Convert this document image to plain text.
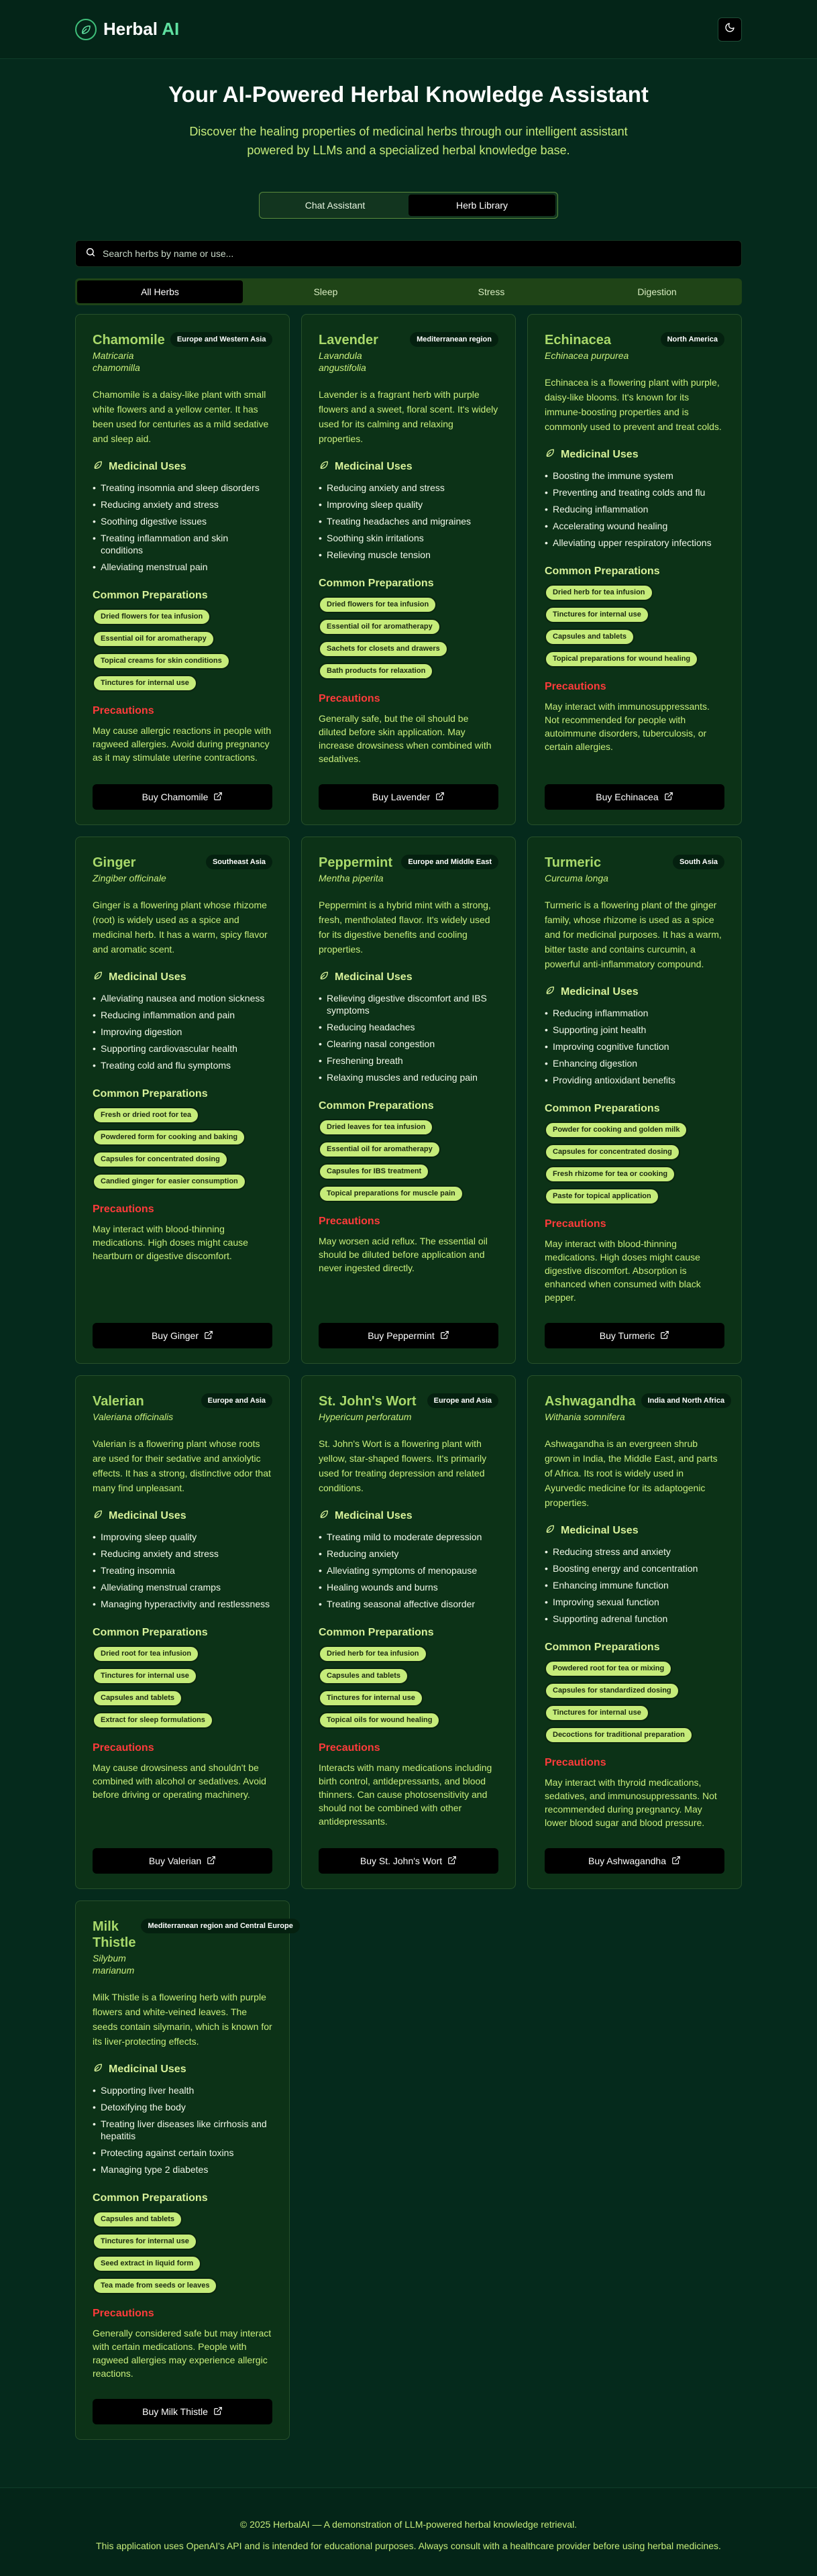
Herbal AI
Your AI-Powered Herbal Knowledge Assistant

Discover the healing properties of medicinal herbs through our intelligent assistant powered by LLMs and a specialized herbal knowledge base.

Chat Assistant	Herb Library
Search herbs by name or use...
All Herbs	Sleep	Stress	Digestion
Chamomile
Matricaria chamomilla
Europe and Western Asia
Chamomile is a daisy-like plant with small white flowers and a yellow center. It has been used for centuries as a mild sedative and sleep aid.
Medicinal Uses
• Treating insomnia and sleep disorders
• Reducing anxiety and stress
• Soothing digestive issues
• Treating inflammation and skin conditions
• Alleviating menstrual pain
Common Preparations
Dried flowers for tea infusion
Essential oil for aromatherapy
Topical creams for skin conditions
Tinctures for internal use
Precautions
May cause allergic reactions in people with ragweed allergies. Avoid during pregnancy as it may stimulate uterine contractions.
Buy Chamomile
Lavender
Lavandula angustifolia
Mediterranean region
Lavender is a fragrant herb with purple flowers and a sweet, floral scent. It's widely used for its calming and relaxing properties.
Medicinal Uses
• Reducing anxiety and stress
• Improving sleep quality
• Treating headaches and migraines
• Soothing skin irritations
• Relieving muscle tension
Common Preparations
Dried flowers for tea infusion
Essential oil for aromatherapy
Sachets for closets and drawers
Bath products for relaxation
Precautions
Generally safe, but the oil should be diluted before skin application. May increase drowsiness when combined with sedatives.
Buy Lavender
Echinacea
Echinacea purpurea
North America
Echinacea is a flowering plant with purple, daisy-like blooms. It's known for its immune-boosting properties and is commonly used to prevent and treat colds.
Medicinal Uses
• Boosting the immune system
• Preventing and treating colds and flu
• Reducing inflammation
• Accelerating wound healing
• Alleviating upper respiratory infections
Common Preparations
Dried herb for tea infusion
Tinctures for internal use
Capsules and tablets
Topical preparations for wound healing
Precautions
May interact with immunosuppressants. Not recommended for people with autoimmune disorders, tuberculosis, or certain allergies.
Buy Echinacea
Ginger
Zingiber officinale
Southeast Asia
Ginger is a flowering plant whose rhizome (root) is widely used as a spice and medicinal herb. It has a warm, spicy flavor and aromatic scent.
Medicinal Uses
• Alleviating nausea and motion sickness
• Reducing inflammation and pain
• Improving digestion
• Supporting cardiovascular health
• Treating cold and flu symptoms
Common Preparations
Fresh or dried root for tea
Powdered form for cooking and baking
Capsules for concentrated dosing
Candied ginger for easier consumption
Precautions
May interact with blood-thinning medications. High doses might cause heartburn or digestive discomfort.
Buy Ginger
Peppermint
Mentha piperita
Europe and Middle East
Peppermint is a hybrid mint with a strong, fresh, mentholated flavor. It's widely used for its digestive benefits and cooling properties.
Medicinal Uses
• Relieving digestive discomfort and IBS symptoms
• Reducing headaches
• Clearing nasal congestion
• Freshening breath
• Relaxing muscles and reducing pain
Common Preparations
Dried leaves for tea infusion
Essential oil for aromatherapy
Capsules for IBS treatment
Topical preparations for muscle pain
Precautions
May worsen acid reflux. The essential oil should be diluted before application and never ingested directly.
Buy Peppermint
Turmeric
Curcuma longa
South Asia
Turmeric is a flowering plant of the ginger family, whose rhizome is used as a spice and for medicinal purposes. It has a warm, bitter taste and contains curcumin, a powerful anti-inflammatory compound.
Medicinal Uses
• Reducing inflammation
• Supporting joint health
• Improving cognitive function
• Enhancing digestion
• Providing antioxidant benefits
Common Preparations
Powder for cooking and golden milk
Capsules for concentrated dosing
Fresh rhizome for tea or cooking
Paste for topical application
Precautions
May interact with blood-thinning medications. High doses might cause digestive discomfort. Absorption is enhanced when consumed with black pepper.
Buy Turmeric
Valerian
Valeriana officinalis
Europe and Asia
Valerian is a flowering plant whose roots are used for their sedative and anxiolytic effects. It has a strong, distinctive odor that many find unpleasant.
Medicinal Uses
• Improving sleep quality
• Reducing anxiety and stress
• Treating insomnia
• Alleviating menstrual cramps
• Managing hyperactivity and restlessness
Common Preparations
Dried root for tea infusion
Tinctures for internal use
Capsules and tablets
Extract for sleep formulations
Precautions
May cause drowsiness and shouldn't be combined with alcohol or sedatives. Avoid before driving or operating machinery.
Buy Valerian
St. John's Wort
Hypericum perforatum
Europe and Asia
St. John's Wort is a flowering plant with yellow, star-shaped flowers. It's primarily used for treating depression and related conditions.
Medicinal Uses
• Treating mild to moderate depression
• Reducing anxiety
• Alleviating symptoms of menopause
• Healing wounds and burns
• Treating seasonal affective disorder
Common Preparations
Dried herb for tea infusion
Capsules and tablets
Tinctures for internal use
Topical oils for wound healing
Precautions
Interacts with many medications including birth control, antidepressants, and blood thinners. Can cause photosensitivity and should not be combined with other antidepressants.
Buy St. John's Wort
Ashwagandha
Withania somnifera
India and North Africa
Ashwagandha is an evergreen shrub grown in India, the Middle East, and parts of Africa. Its root is widely used in Ayurvedic medicine for its adaptogenic properties.
Medicinal Uses
• Reducing stress and anxiety
• Boosting energy and concentration
• Enhancing immune function
• Improving sexual function
• Supporting adrenal function
Common Preparations
Powdered root for tea or mixing
Capsules for standardized dosing
Tinctures for internal use
Decoctions for traditional preparation
Precautions
May interact with thyroid medications, sedatives, and immunosuppressants. Not recommended during pregnancy. May lower blood sugar and blood pressure.
Buy Ashwagandha
Milk Thistle
Silybum marianum
Mediterranean region and Central Europe
Milk Thistle is a flowering herb with purple flowers and white-veined leaves. The seeds contain silymarin, which is known for its liver-protecting effects.
Medicinal Uses
• Supporting liver health
• Detoxifying the body
• Treating liver diseases like cirrhosis and hepatitis
• Protecting against certain toxins
• Managing type 2 diabetes
Common Preparations
Capsules and tablets
Tinctures for internal use
Seed extract in liquid form
Tea made from seeds or leaves
Precautions
Generally considered safe but may interact with certain medications. People with ragweed allergies may experience allergic reactions.
Buy Milk Thistle

© 2025 HerbalAI — A demonstration of LLM-powered herbal knowledge retrieval.

This application uses OpenAI's API and is intended for educational purposes. Always consult with a healthcare provider before using herbal medicines.
